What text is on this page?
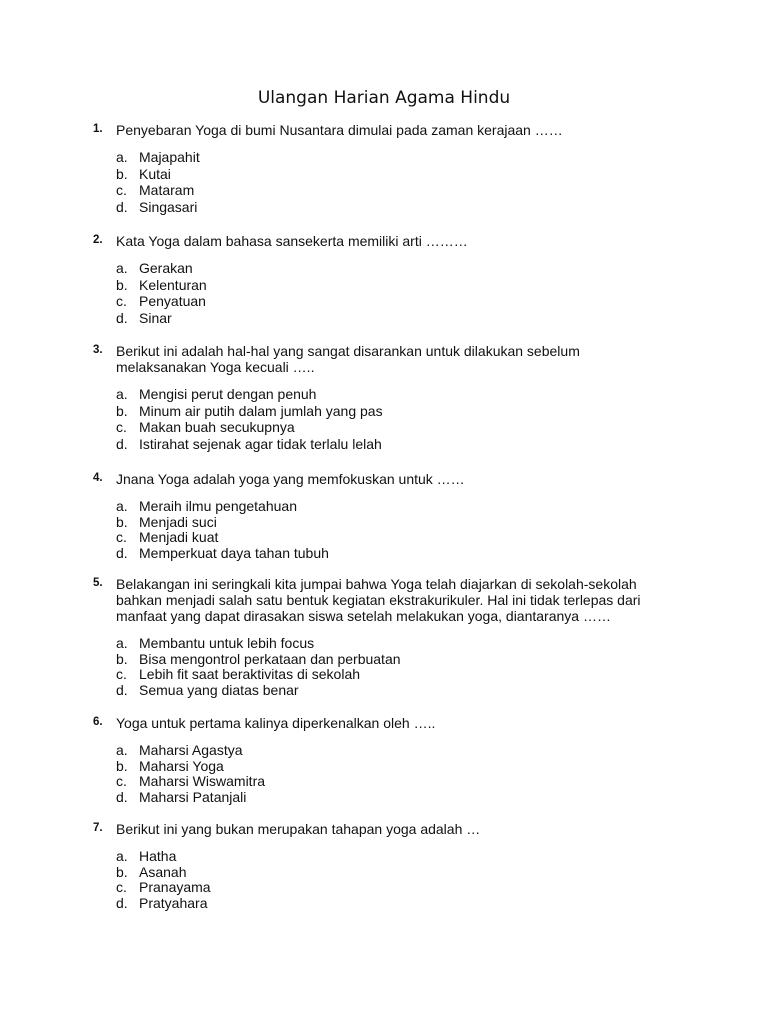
Ulangan Harian Agama Hindu
1. Penyebaran Yoga di bumi Nusantara dimulai pada zaman kerajaan ……
a. Majapahit
b. Kutai
c. Mataram
d. Singasari
2. Kata Yoga dalam bahasa sansekerta memiliki arti ………
a. Gerakan
b. Kelenturan
c. Penyatuan
d. Sinar
3. Berikut ini adalah hal-hal yang sangat disarankan untuk dilakukan sebelum melaksanakan Yoga kecuali …..
a. Mengisi perut dengan penuh
b. Minum air putih dalam jumlah yang pas
c. Makan buah secukupnya
d. Istirahat sejenak agar tidak terlalu lelah
4. Jnana Yoga adalah yoga yang memfokuskan untuk ……
a. Meraih ilmu pengetahuan
b. Menjadi suci
c. Menjadi kuat
d. Memperkuat daya tahan tubuh
5. Belakangan ini seringkali kita jumpai bahwa Yoga telah diajarkan di sekolah-sekolah bahkan menjadi salah satu bentuk kegiatan ekstrakurikuler. Hal ini tidak terlepas dari manfaat yang dapat dirasakan siswa setelah melakukan yoga, diantaranya ……
a. Membantu untuk lebih focus
b. Bisa mengontrol perkataan dan perbuatan
c. Lebih fit saat beraktivitas di sekolah
d. Semua yang diatas benar
6. Yoga untuk pertama kalinya diperkenalkan oleh …..
a. Maharsi Agastya
b. Maharsi Yoga
c. Maharsi Wiswamitra
d. Maharsi Patanjali
7. Berikut ini yang bukan merupakan tahapan yoga adalah …
a. Hatha
b. Asanah
c. Pranayama
d. Pratyahara
